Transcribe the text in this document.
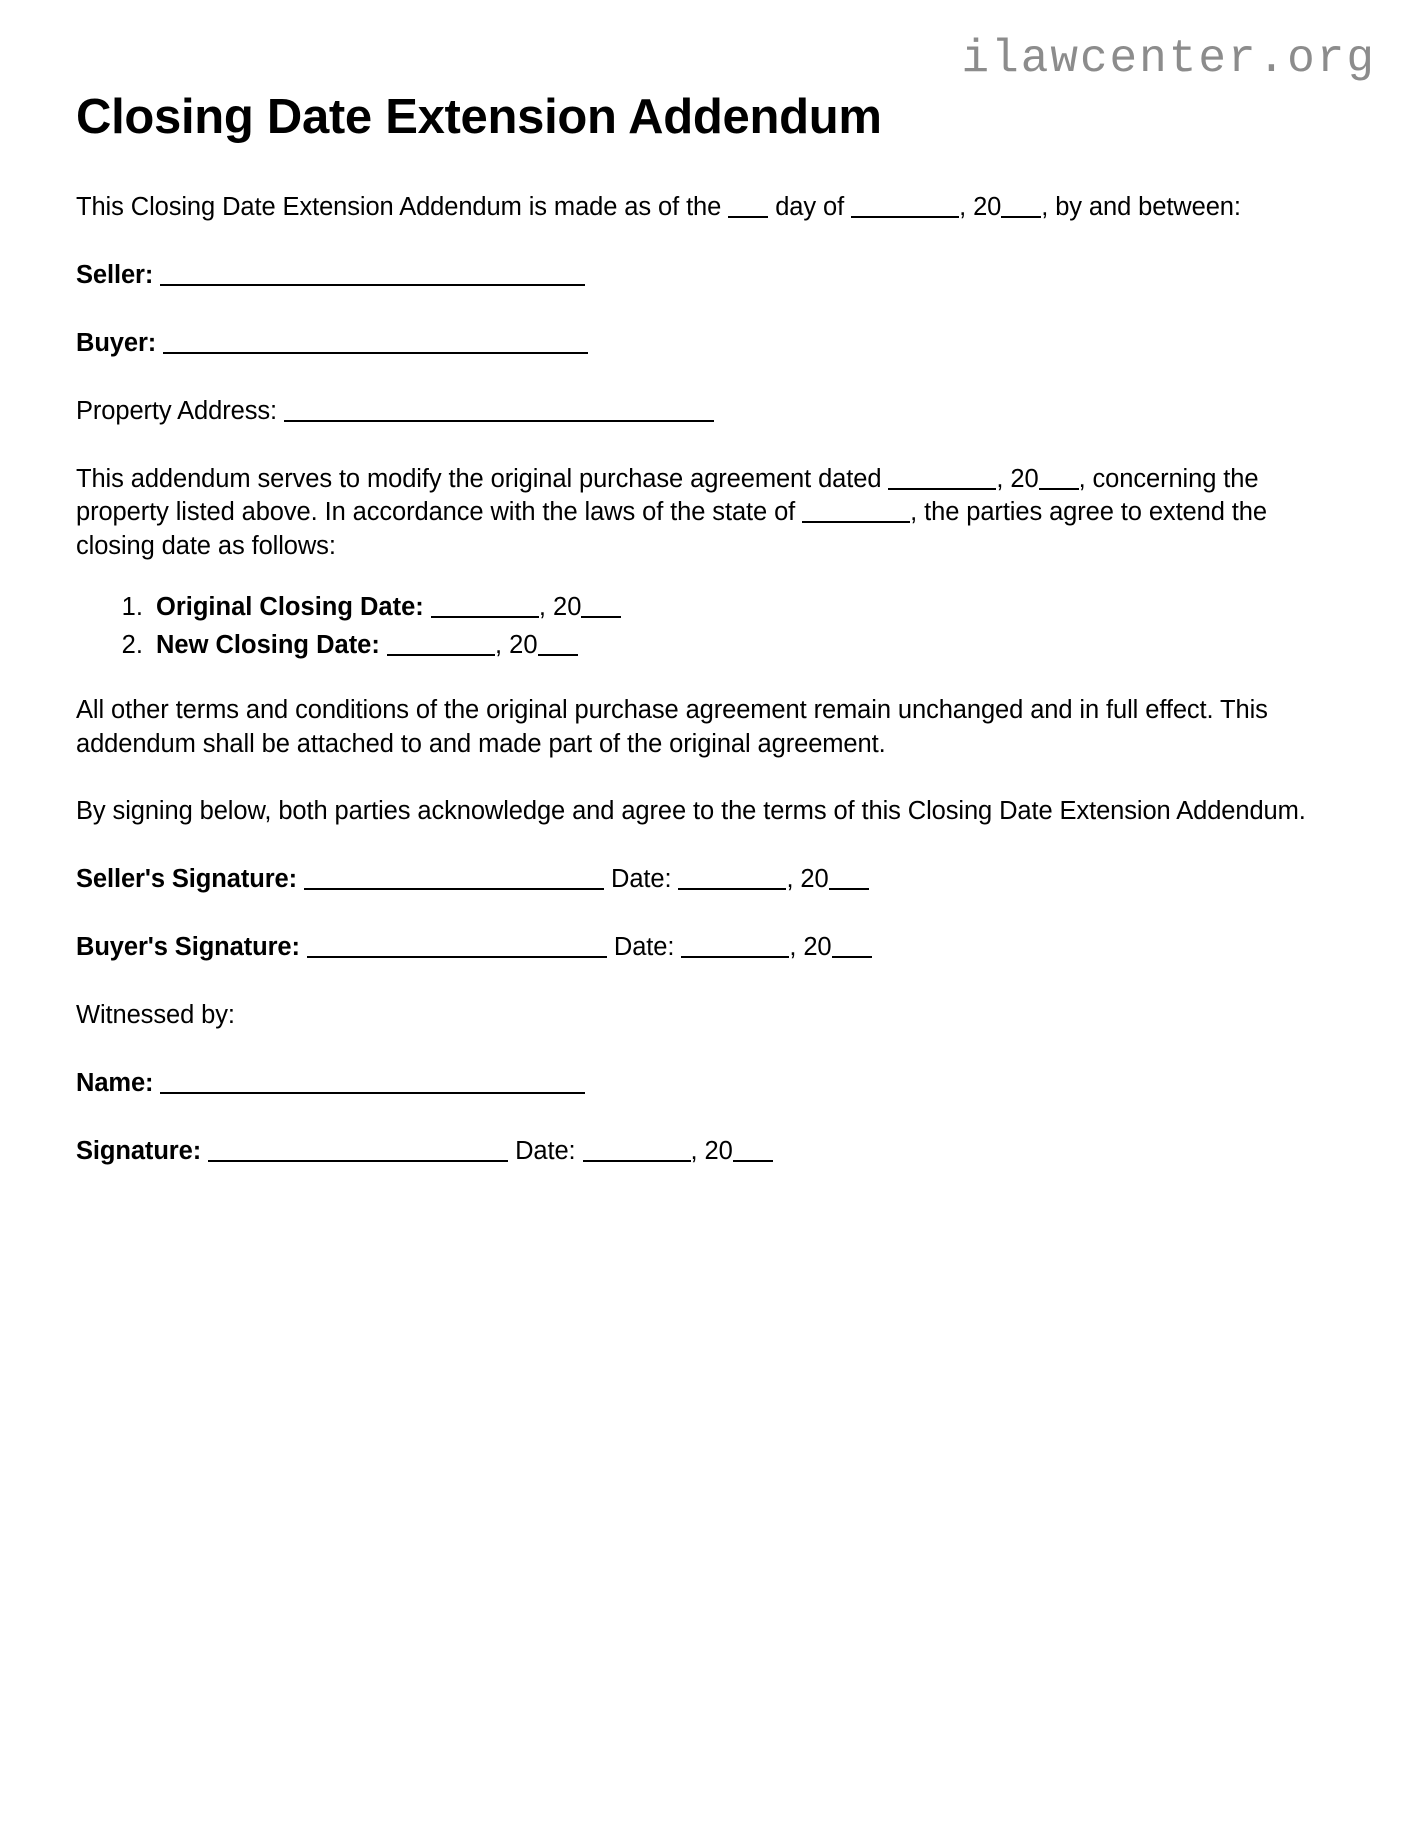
ilawcenter.org
Closing Date Extension Addendum

This Closing Date Extension Addendum is made as of the day of	, 20 , by and between:

Seller:

Buyer:

Property Address:

This addendum serves to modify the original purchase agreement dated	, 20 , concerning the property listed above. In accordance with the laws of the state of	, the parties agree to extend the closing date as follows:

1. Original Closing Date:	, 20
2. New Closing Date:	, 20

All other terms and conditions of the original purchase agreement remain unchanged and in full effect. This addendum shall be attached to and made part of the original agreement.

By signing below, both parties acknowledge and agree to the terms of this Closing Date Extension Addendum.

Seller's Signature:	Date:	, 20

Buyer's Signature:	Date:	, 20

Witnessed by:

Name:

Signature:	Date:	, 20
